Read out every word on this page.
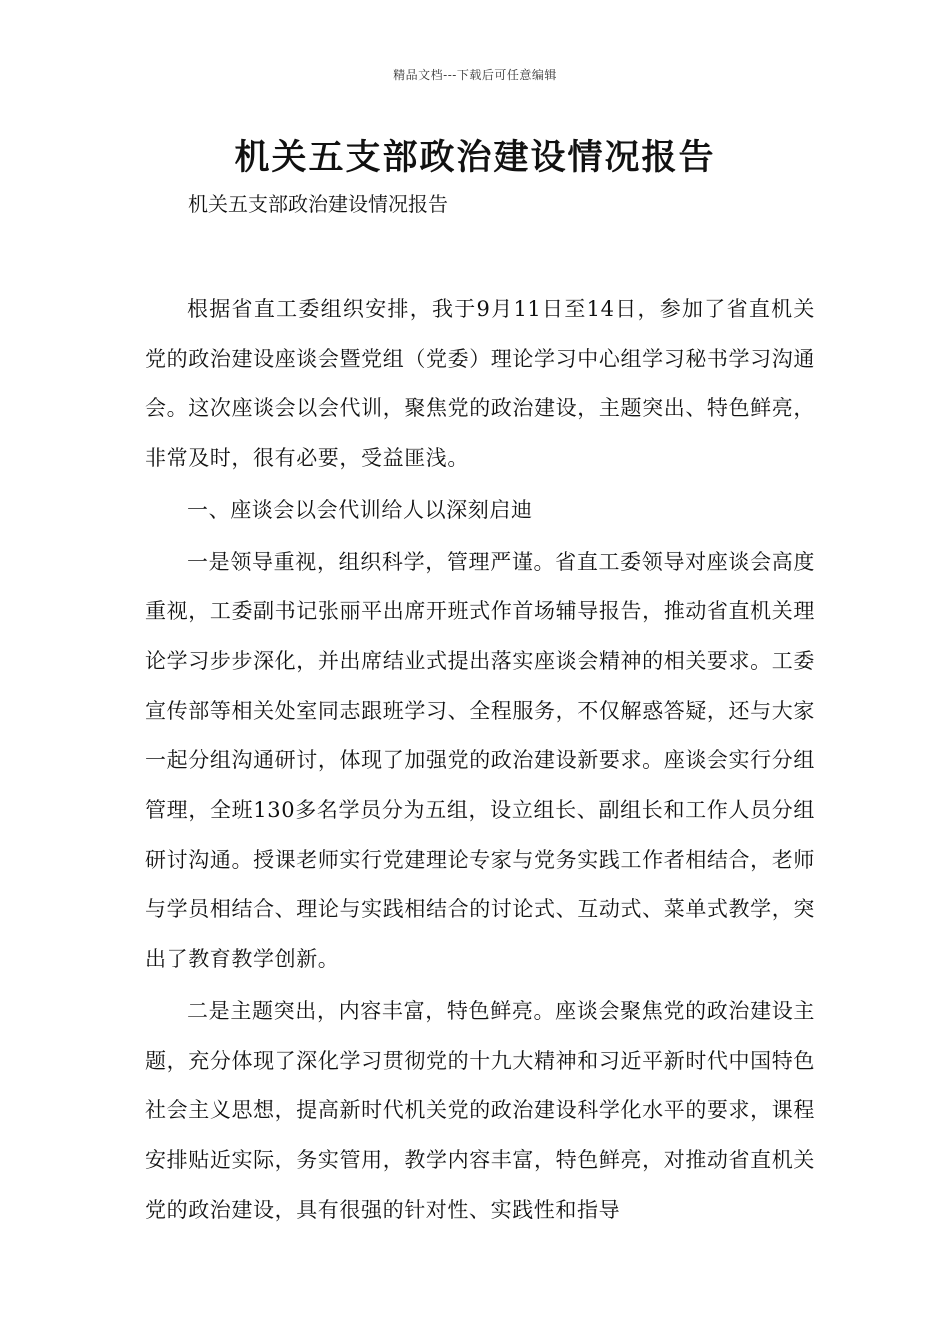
精品文档---下载后可任意编辑
机关五支部政治建设情况报告
机关五支部政治建设情况报告

根据省直工委组织安排，我于9月11日至14日，参加了省直机关党的政治建设座谈会暨党组（党委）理论学习中心组学习秘书学习沟通会。这次座谈会以会代训，聚焦党的政治建设，主题突出、特色鲜亮，非常及时，很有必要，受益匪浅。

一、座谈会以会代训给人以深刻启迪

一是领导重视，组织科学，管理严谨。省直工委领导对座谈会高度重视，工委副书记张丽平出席开班式作首场辅导报告，推动省直机关理论学习步步深化，并出席结业式提出落实座谈会精神的相关要求。工委宣传部等相关处室同志跟班学习、全程服务，不仅解惑答疑，还与大家一起分组沟通研讨，体现了加强党的政治建设新要求。座谈会实行分组管理，全班130多名学员分为五组，设立组长、副组长和工作人员分组研讨沟通。授课老师实行党建理论专家与党务实践工作者相结合，老师与学员相结合、理论与实践相结合的讨论式、互动式、菜单式教学，突出了教育教学创新。

二是主题突出，内容丰富，特色鲜亮。座谈会聚焦党的政治建设主题，充分体现了深化学习贯彻党的十九大精神和习近平新时代中国特色社会主义思想，提高新时代机关党的政治建设科学化水平的要求，课程安排贴近实际，务实管用，教学内容丰富，特色鲜亮，对推动省直机关党的政治建设，具有很强的针对性、实践性和指导
